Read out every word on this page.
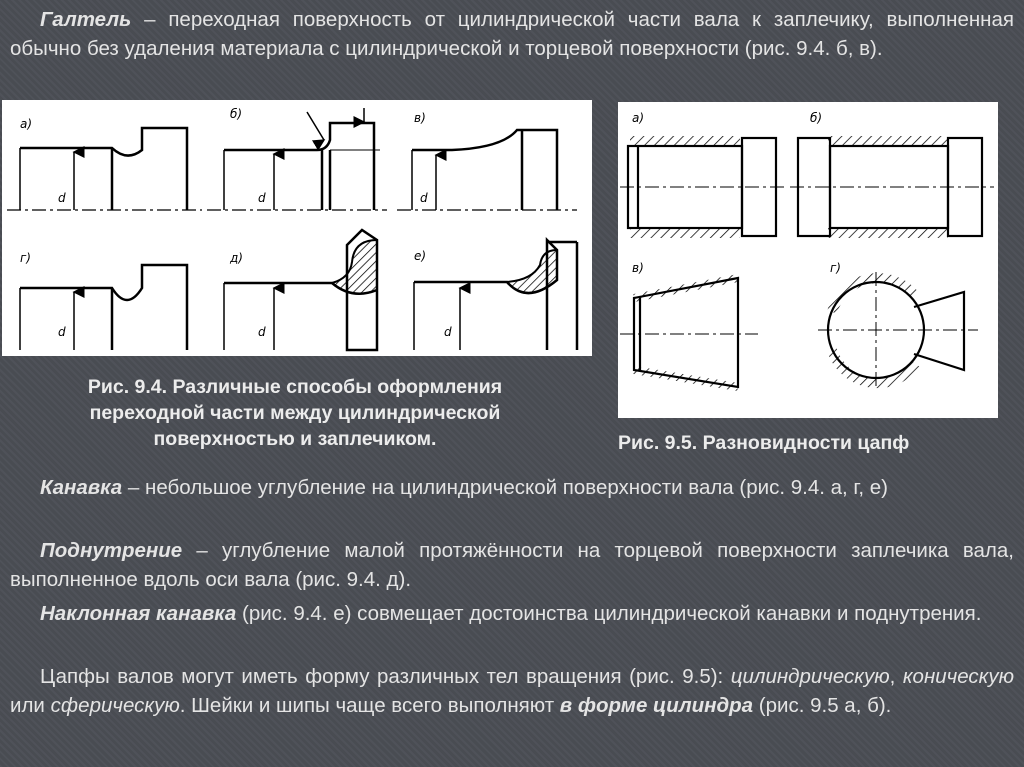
Галтель – переходная поверхность от цилиндрической части вала к заплечику, выполненная обычно без удаления материала с цилиндрической и торцевой поверхности (рис. 9.4. б, в).

а)
б)	в)
г)	д)	е)
d	d	d
d	d	d
а)	б)
в)	г)
Рис. 9.4. Различные способы оформления
переходной части между цилиндрической
поверхностью и заплечиком.	Рис. 9.5. Разновидности цапф

Канавка – небольшое углубление на цилиндрической поверхности вала (рис. 9.4. а, г, е)

Поднутрение – углубление малой протяжённости на торцевой поверхности заплечика вала, выполненное вдоль оси вала (рис. 9.4. д).

Наклонная канавка (рис. 9.4. е) совмещает достоинства цилиндрической канавки и поднутрения.

Цапфы валов могут иметь форму различных тел вращения (рис. 9.5): цилиндрическую, коническую или сферическую. Шейки и шипы чаще всего выполняют в форме цилиндра (рис. 9.5 а, б).
